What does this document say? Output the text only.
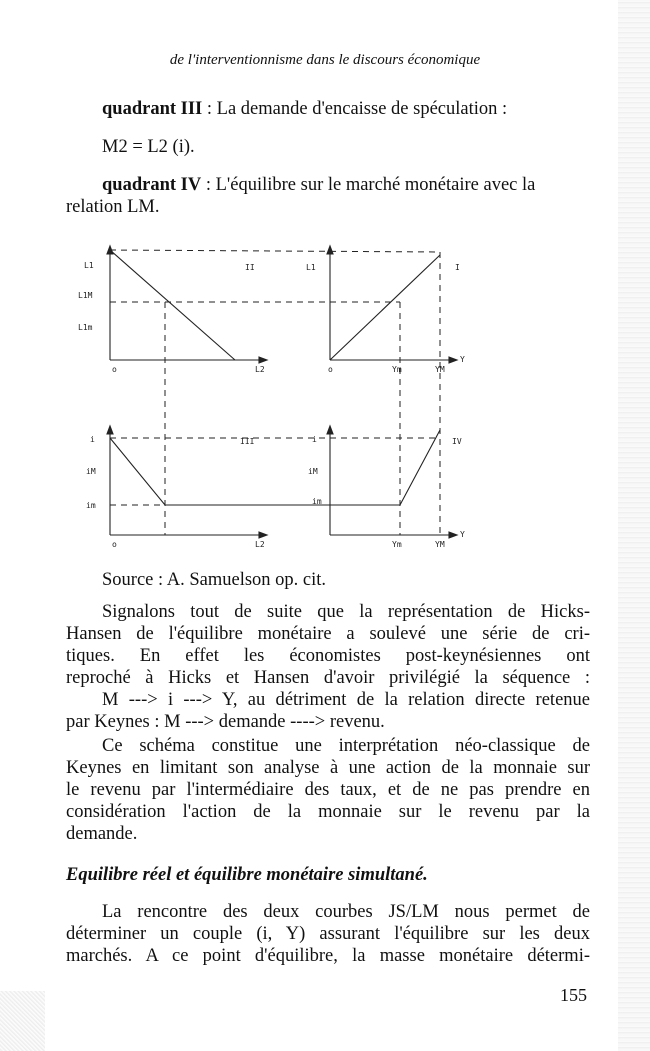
de l'interventionnisme dans le discours économique
quadrant III : La demande d'encaisse de spéculation :
M2 = L2 (i).
quadrant IV : L'équilibre sur le marché monétaire avec la
relation LM.
L1
L1M
L1m
o	L2
II	L1
o	Ym	YM
Y
I
i
iM
im
o	L2
III	i
iM
im
Ym	YM
Y
IV
Source : A. Samuelson op. cit.
Signalons tout de suite que la représentation de Hicks-
Hansen de l'équilibre monétaire a soulevé une série de cri-
tiques. En effet les économistes post-keynésiennes ont
reproché à Hicks et Hansen d'avoir privilégié la séquence :
M ---> i ---> Y, au détriment de la relation directe retenue
par Keynes : M ---> demande ----> revenu.
Ce schéma constitue une interprétation néo-classique de
Keynes en limitant son analyse à une action de la monnaie sur
le revenu par l'intermédiaire des taux, et de ne pas prendre en
considération l'action de la monnaie sur le revenu par la
demande.
Equilibre réel et équilibre monétaire simultané.
La rencontre des deux courbes JS/LM nous permet de
déterminer un couple (i, Y) assurant l'équilibre sur les deux
marchés. A ce point d'équilibre, la masse monétaire détermi-
155
